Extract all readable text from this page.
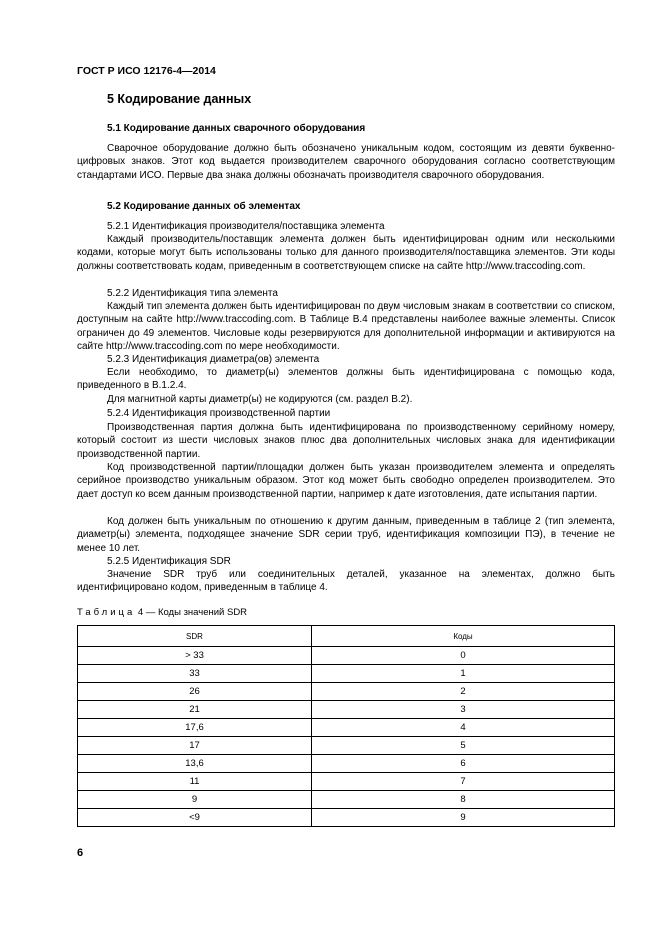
ГОСТ Р ИСО 12176-4—2014
5 Кодирование данных
5.1 Кодирование данных сварочного оборудования

Сварочное оборудование должно быть обозначено уникальным кодом, состоящим из девяти буквенно-цифровых знаков. Этот код выдается производителем сварочного оборудования согласно соответствующим стандартами ИСО. Первые два знака должны обозначать производителя сварочного оборудования.

5.2 Кодирование данных об элементах
5.2.1 Идентификация производителя/поставщика элемента

Каждый производитель/поставщик элемента должен быть идентифицирован одним или несколькими кодами, которые могут быть использованы только для данного производителя/поставщика элементов. Эти коды должны соответствовать кодам, приведенным в соответствующем списке на сайте http://www.traccoding.com.

5.2.2 Идентификация типа элемента

Каждый тип элемента должен быть идентифицирован по двум числовым знакам в соответствии со списком, доступным на сайте http://www.traccoding.com. В Таблице В.4 представлены наиболее важные элементы. Список ограничен до 49 элементов. Числовые коды резервируются для дополнительной информации и активируются на сайте http://www.traccoding.com по мере необходимости.

5.2.3 Идентификация диаметра(ов) элемента

Если необходимо, то диаметр(ы) элементов должны быть идентифицирована с помощью кода, приведенного в В.1.2.4.

Для магнитной карты диаметр(ы) не кодируются (см. раздел В.2).

5.2.4 Идентификация производственной партии

Производственная партия должна быть идентифицирована по производственному серийному номеру, который состоит из шести числовых знаков плюс два дополнительных числовых знака для идентификации производственной партии.

Код производственной партии/площадки должен быть указан производителем элемента и определять серийное производство уникальным образом. Этот код может быть свободно определен производителем. Это дает доступ ко всем данным производственной партии, например к дате изготовления, дате испытания партии.

Код должен быть уникальным по отношению к другим данным, приведенным в таблице 2 (тип элемента, диаметр(ы) элемента, подходящее значение SDR серии труб, идентификация композиции ПЭ), в течение не менее 10 лет.

5.2.5 Идентификация SDR

Значение SDR труб или соединительных деталей, указанное на элементах, должно быть идентифицировано кодом, приведенным в таблице 4.

Таблица 4 — Коды значений SDR
SDR	Коды
> 33	0
33	1
26	2
21	3
17,6	4
17	5
13,6	6
11	7
9	8
<9	9
6
